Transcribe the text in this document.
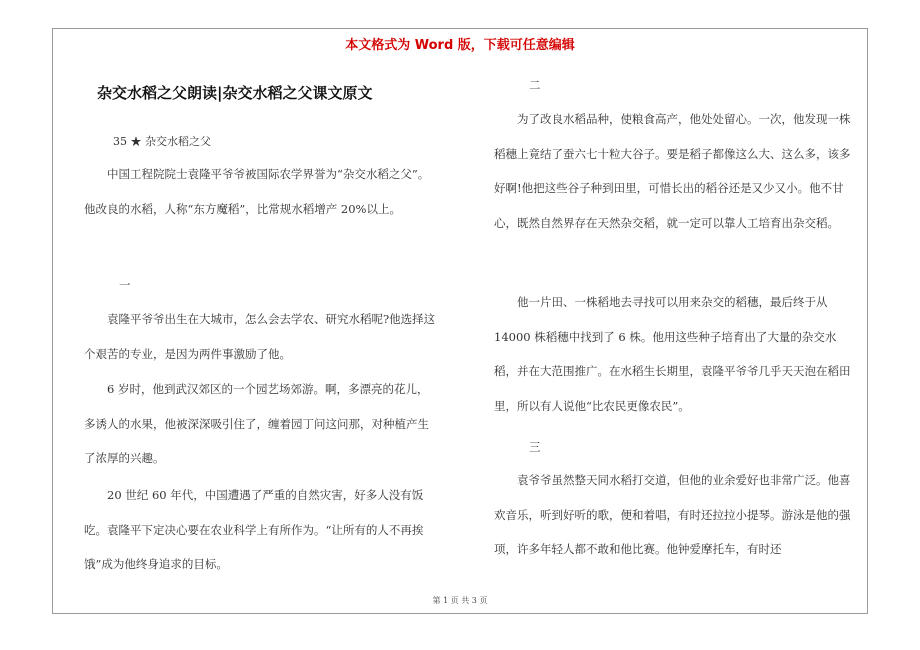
本文格式为 Word 版，下载可任意编辑
杂交水稻之父朗读|杂交水稻之父课文原文
35 ★ 杂交水稻之父

中国工程院院士袁隆平爷爷被国际农学界誉为“杂交水稻之父”。他改良的水稻，人称“东方魔稻”，比常规水稻增产 20%以上。

一

袁隆平爷爷出生在大城市，怎么会去学农、研究水稻呢?他选择这个艰苦的专业，是因为两件事激励了他。

6 岁时，他到武汉郊区的一个园艺场郊游。啊，多漂亮的花儿，多诱人的水果，他被深深吸引住了，缠着园丁问这问那，对种植产生了浓厚的兴趣。

20 世纪 60 年代，中国遭遇了严重的自然灾害，好多人没有饭吃。袁隆平下定决心要在农业科学上有所作为。“让所有的人不再挨饿”成为他终身追求的目标。

二

为了改良水稻品种，使粮食高产，他处处留心。一次，他发现一株稻穗上竟结了蚕六七十粒大谷子。要是稻子都像这么大、这么多，该多好啊!他把这些谷子种到田里，可惜长出的稻谷还是又少又小。他不甘心，既然自然界存在天然杂交稻，就一定可以靠人工培育出杂交稻。

他一片田、一株稻地去寻找可以用来杂交的稻穗，最后终于从 14000 株稻穗中找到了 6 株。他用这些种子培育出了大量的杂交水稻，并在大范围推广。在水稻生长期里，袁隆平爷爷几乎天天泡在稻田里，所以有人说他“比农民更像农民”。

三

袁爷爷虽然整天同水稻打交道，但他的业余爱好也非常广泛。他喜欢音乐，听到好听的歌，便和着唱，有时还拉拉小提琴。游泳是他的强项，许多年轻人都不敢和他比赛。他钟爱摩托车，有时还

第 1 页 共 3 页
